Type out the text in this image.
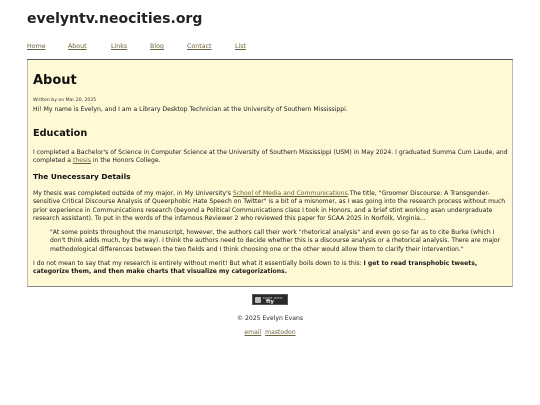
evelyntv.neocities.org
Home	About	Links	Blog	Contact	List
About
Written by on Mar 20, 2025

Hi! My name is Evelyn, and I am a Library Desktop Technician at the University of Southern Mississippi.

Education

I completed a Bachelor's of Science in Computer Science at the University of Southern Mississippi (USM) in May 2024. I graduated Summa Cum Laude, and completed a thesis in the Honors College.

The Unecessary Details

My thesis was completed outside of my major, in My University's School of Media and Communications.The title, "Groomer Discourse: A Transgender-sensitive Critical Discourse Analysis of Queerphobic Hate Speech on Twitter" is a bit of a misnomer, as I was going into the research process without much prior experience in Communications research (beyond a Political Communications class I took in Honors, and a brief stint working asan undergraduate research assistant). To put in the words of the infamous Reviewer 2 who reviewed this paper for SCAA 2025 in Norfolk, Virginia...

"At some points throughout the manuscript, however, the authors call their work "rhetorical analysis" and even go so far as to cite Burke (which I don't think adds much, by the way). I think the authors need to decide whether this is a discourse analysis or a rhetorical analysis. There are major methodological differences between the two fields and I think choosing one or the other would allow them to clarify their intervention."

I do not mean to say that my research is entirely without merit! But what it essentially boils down to is this: I get to read transphobic tweets, categorize them, and then make charts that visualize my categorizations.

MADE WITH
fty
© 2025 Evelyn Evans
email mastodon
